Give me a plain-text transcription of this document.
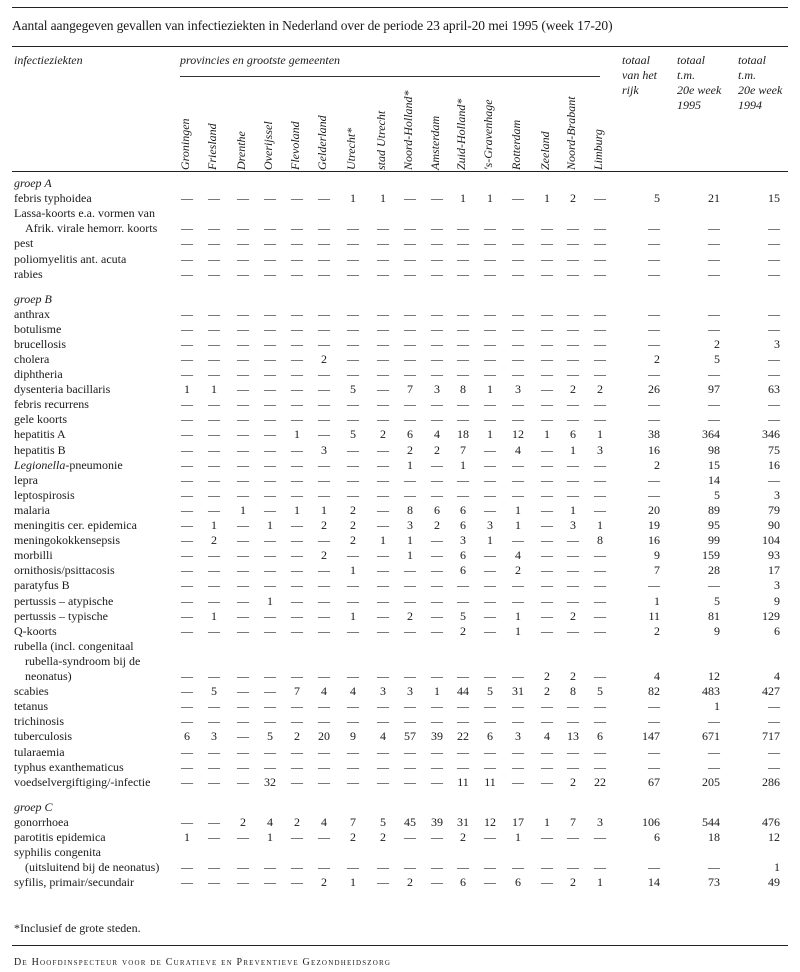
Aantal aangegeven gevallen van infectieziekten in Nederland over de periode 23 april-20 mei 1995 (week 17-20)
infectieziekten	provincies en grootste gemeenten
Groningen Friesland Drenthe Overijssel Flevoland Gelderland Utrecht* stad Utrecht Noord-Holland* Amsterdam Zuid-Holland* 's-Gravenhage Rotterdam Zeeland Noord-Brabant Limburg
totaal
van het
rijk
totaal
t.m.
20e week
1995
totaal
t.m.
20e week
1994
groep A
febris typhoidea	—	—	—	—	—	—	1	1	—	—	1	1	—	1	2	—	5	21	15
Lassa-koorts e.a. vormen van
Afrik. virale hemorr. koorts	—	—	—	—	—	—	—	—	—	—	—	—	—	—	—	—	—	—	—
pest	—	—	—	—	—	—	—	—	—	—	—	—	—	—	—	—	—	—	—
poliomyelitis ant. acuta	—	—	—	—	—	—	—	—	—	—	—	—	—	—	—	—	—	—	—
rabies	—	—	—	—	—	—	—	—	—	—	—	—	—	—	—	—	—	—	—
groep B
anthrax	—	—	—	—	—	—	—	—	—	—	—	—	—	—	—	—	—	—	—
botulisme	—	—	—	—	—	—	—	—	—	—	—	—	—	—	—	—	—	—	—
brucellosis	—	—	—	—	—	—	—	—	—	—	—	—	—	—	—	—	—	2	3
cholera	—	—	—	—	—	2	—	—	—	—	—	—	—	—	—	—	2	5	—
diphtheria	—	—	—	—	—	—	—	—	—	—	—	—	—	—	—	—	—	—	—
dysenteria bacillaris	1	1	—	—	—	—	5	—	7	3	8	1	3	—	2	2	26	97	63
febris recurrens	—	—	—	—	—	—	—	—	—	—	—	—	—	—	—	—	—	—	—
gele koorts	—	—	—	—	—	—	—	—	—	—	—	—	—	—	—	—	—	—	—
hepatitis A	—	—	—	—	1	—	5	2	6	4	18	1	12	1	6	1	38	364	346
hepatitis B	—	—	—	—	—	3	—	—	2	2	7	—	4	—	1	3	16	98	75
Legionella-pneumonie	—	—	—	—	—	—	—	—	1	—	1	—	—	—	—	—	2	15	16
lepra	—	—	—	—	—	—	—	—	—	—	—	—	—	—	—	—	—	14	—
leptospirosis	—	—	—	—	—	—	—	—	—	—	—	—	—	—	—	—	—	5	3
malaria	—	—	1	—	1	1	2	—	8	6	6	—	1	—	1	—	20	89	79
meningitis cer. epidemica	—	1	—	1	—	2	2	—	3	2	6	3	1	—	3	1	19	95	90
meningokokkensepsis	—	2	—	—	—	—	2	1	1	—	3	1	—	—	—	8	16	99	104
morbilli	—	—	—	—	—	2	—	—	1	—	6	—	4	—	—	—	9	159	93
ornithosis/psittacosis	—	—	—	—	—	—	1	—	—	—	6	—	2	—	—	—	7	28	17
paratyfus B	—	—	—	—	—	—	—	—	—	—	—	—	—	—	—	—	—	—	3
pertussis – atypische	—	—	—	1	—	—	—	—	—	—	—	—	—	—	—	—	1	5	9
pertussis – typische	—	1	—	—	—	—	1	—	2	—	5	—	1	—	2	—	11	81	129
Q-koorts	—	—	—	—	—	—	—	—	—	—	2	—	1	—	—	—	2	9	6
rubella (incl. congenitaal
rubella-syndroom bij de
neonatus)	—	—	—	—	—	—	—	—	—	—	—	—	—	2	2	—	4	12	4
scabies	—	5	—	—	7	4	4	3	3	1	44	5	31	2	8	5	82	483	427
tetanus	—	—	—	—	—	—	—	—	—	—	—	—	—	—	—	—	—	1	—
trichinosis	—	—	—	—	—	—	—	—	—	—	—	—	—	—	—	—	—	—	—
tuberculosis	6	3	—	5	2	20	9	4	57	39	22	6	3	4	13	6	147	671	717
tularaemia	—	—	—	—	—	—	—	—	—	—	—	—	—	—	—	—	—	—	—
typhus exanthematicus	—	—	—	—	—	—	—	—	—	—	—	—	—	—	—	—	—	—	—
voedselvergiftiging/-infectie	—	—	—	32	—	—	—	—	—	—	11	11	—	—	2	22	67	205	286
groep C
gonorrhoea	—	—	2	4	2	4	7	5	45	39	31	12	17	1	7	3	106	544	476
parotitis epidemica	1	—	—	1	—	—	2	2	—	—	2	—	1	—	—	—	6	18	12
syphilis congenita
(uitsluitend bij de neonatus)	—	—	—	—	—	—	—	—	—	—	—	—	—	—	—	—	—	—	1
syfilis, primair/secundair	—	—	—	—	—	2	1	—	2	—	6	—	6	—	2	1	14	73	49
*Inclusief de grote steden.
De Hoofdinspecteur voor de Curatieve en Preventieve Gezondheidszorg
